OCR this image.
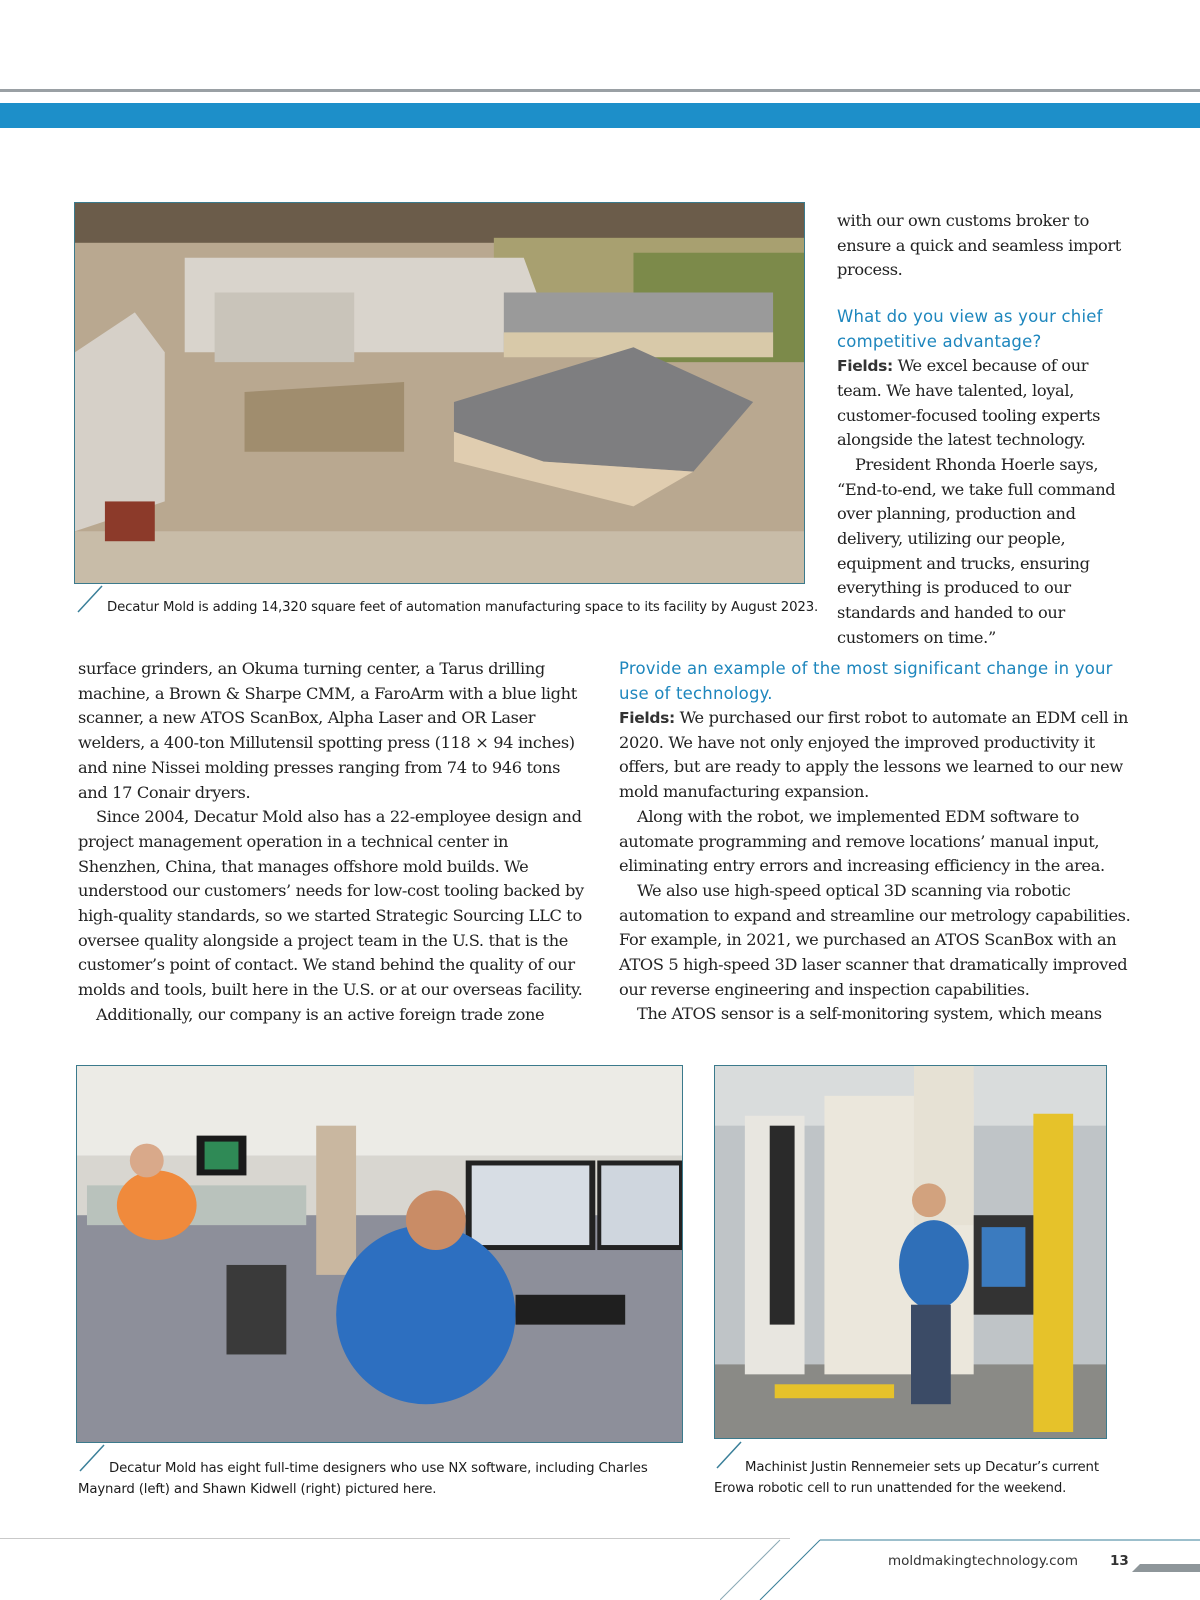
Decatur Mold is adding 14,320 square feet of automation manufacturing space to its facility by August 2023.

with our own customs broker to ensure a quick and seamless import process.

What do you view as your chief competitive advantage?

Fields: We excel because of our team. We have talented, loyal, customer-focused tooling experts alongside the latest technology.

President Rhonda Hoerle says, “End-to-end, we take full command over planning, production and delivery, utilizing our people, equipment and trucks, ensuring everything is produced to our standards and handed to our customers on time.”

surface grinders, an Okuma turning center, a Tarus drilling machine, a Brown & Sharpe CMM, a FaroArm with a blue light scanner, a new ATOS ScanBox, Alpha Laser and OR Laser welders, a 400-ton Millutensil spotting press (118 × 94 inches) and nine Nissei molding presses ranging from 74 to 946 tons and 17 Conair dryers.

Since 2004, Decatur Mold also has a 22-employee design and project management operation in a technical center in Shenzhen, China, that manages offshore mold builds. We understood our customers’ needs for low-cost tooling backed by high-quality standards, so we started Strategic Sourcing LLC to oversee quality alongside a project team in the U.S. that is the customer’s point of contact. We stand behind the quality of our molds and tools, built here in the U.S. or at our overseas facility.

Additionally, our company is an active foreign trade zone

Provide an example of the most significant change in your use of technology.

Fields: We purchased our first robot to automate an EDM cell in 2020. We have not only enjoyed the improved productivity it offers, but are ready to apply the lessons we learned to our new mold manufacturing expansion.

Along with the robot, we implemented EDM software to automate programming and remove locations’ manual input, eliminating entry errors and increasing efficiency in the area.

We also use high-speed optical 3D scanning via robotic automation to expand and streamline our metrology capabilities. For example, in 2021, we purchased an ATOS ScanBox with an ATOS 5 high-speed 3D laser scanner that dramatically improved our reverse engineering and inspection capabilities.

The ATOS sensor is a self-monitoring system, which means

Decatur Mold has eight full-time designers who use NX software, including Charles Maynard (left) and Shawn Kidwell (right) pictured here.
Machinist Justin Rennemeier sets up Decatur’s current Erowa robotic cell to run unattended for the weekend.
moldmakingtechnology.com 13
